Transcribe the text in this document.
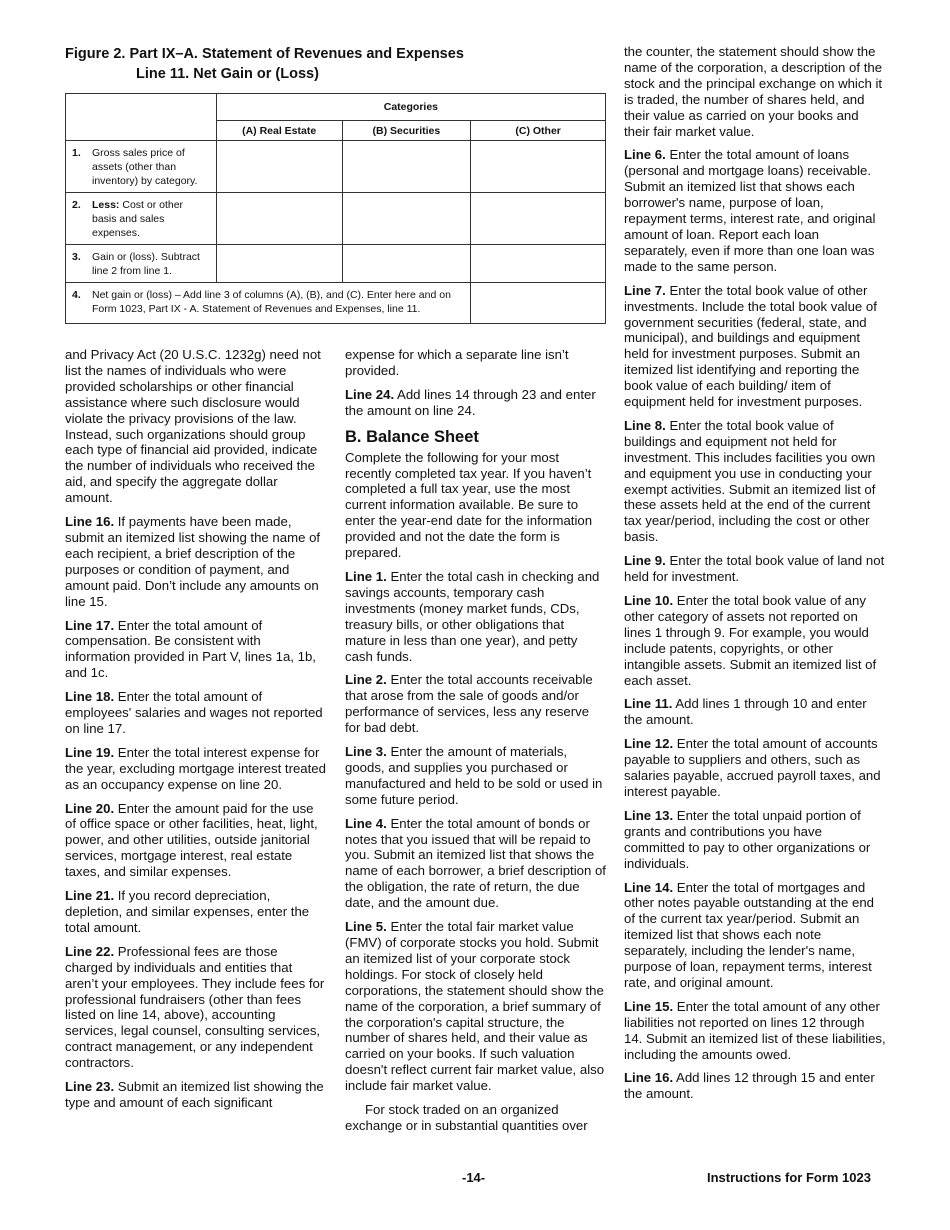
Figure 2. Part IX–A. Statement of Revenues and Expenses
Line 11. Net Gain or (Loss)
	Categories		
	(A) Real Estate	(B) Securities	(C) Other

1. Gross sales price of assets (other than inventory) by category.			

2. Less: Cost or other basis and sales expenses.			

3. Gain or (loss). Subtract line 2 from line 1.			

4. Net gain or (loss) – Add line 3 of columns (A), (B), and (C). Enter here and on Form 1023, Part IX - A. Statement of Revenues and Expenses, line 11.			

and Privacy Act (20 U.S.C. 1232g) need not list the names of individuals who were provided scholarships or other financial assistance where such disclosure would violate the privacy provisions of the law. Instead, such organizations should group each type of financial aid provided, indicate the number of individuals who received the aid, and specify the aggregate dollar amount.

Line 16. If payments have been made, submit an itemized list showing the name of each recipient, a brief description of the purposes or condition of payment, and amount paid. Don’t include any amounts on line 15.

Line 17. Enter the total amount of compensation. Be consistent with information provided in Part V, lines 1a, 1b, and 1c.

Line 18. Enter the total amount of employees' salaries and wages not reported on line 17.

Line 19. Enter the total interest expense for the year, excluding mortgage interest treated as an occupancy expense on line 20.

Line 20. Enter the amount paid for the use of office space or other facilities, heat, light, power, and other utilities, outside janitorial services, mortgage interest, real estate taxes, and similar expenses.

Line 21. If you record depreciation, depletion, and similar expenses, enter the total amount.

Line 22. Professional fees are those charged by individuals and entities that aren’t your employees. They include fees for professional fundraisers (other than fees listed on line 14, above), accounting services, legal counsel, consulting services, contract management, or any independent contractors.

Line 23. Submit an itemized list showing the type and amount of each significant

expense for which a separate line isn’t provided.

Line 24. Add lines 14 through 23 and enter the amount on line 24.

B. Balance Sheet

Complete the following for your most recently completed tax year. If you haven’t completed a full tax year, use the most current information available. Be sure to enter the year-end date for the information provided and not the date the form is prepared.

Line 1. Enter the total cash in checking and savings accounts, temporary cash investments (money market funds, CDs, treasury bills, or other obligations that mature in less than one year), and petty cash funds.

Line 2. Enter the total accounts receivable that arose from the sale of goods and/or performance of services, less any reserve for bad debt.

Line 3. Enter the amount of materials, goods, and supplies you purchased or manufactured and held to be sold or used in some future period.

Line 4. Enter the total amount of bonds or notes that you issued that will be repaid to you. Submit an itemized list that shows the name of each borrower, a brief description of the obligation, the rate of return, the due date, and the amount due.

Line 5. Enter the total fair market value (FMV) of corporate stocks you hold. Submit an itemized list of your corporate stock holdings. For stock of closely held corporations, the statement should show the name of the corporation, a brief summary of the corporation's capital structure, the number of shares held, and their value as carried on your books. If such valuation doesn't reflect current fair market value, also include fair market value.

For stock traded on an organized exchange or in substantial quantities over

the counter, the statement should show the name of the corporation, a description of the stock and the principal exchange on which it is traded, the number of shares held, and their value as carried on your books and their fair market value.

Line 6. Enter the total amount of loans (personal and mortgage loans) receivable. Submit an itemized list that shows each borrower's name, purpose of loan, repayment terms, interest rate, and original amount of loan. Report each loan separately, even if more than one loan was made to the same person.

Line 7. Enter the total book value of other investments. Include the total book value of government securities (federal, state, and municipal), and buildings and equipment held for investment purposes. Submit an itemized list identifying and reporting the book value of each building/ item of equipment held for investment purposes.

Line 8. Enter the total book value of buildings and equipment not held for investment. This includes facilities you own and equipment you use in conducting your exempt activities. Submit an itemized list of these assets held at the end of the current tax year/period, including the cost or other basis.

Line 9. Enter the total book value of land not held for investment.

Line 10. Enter the total book value of any other category of assets not reported on lines 1 through 9. For example, you would include patents, copyrights, or other intangible assets. Submit an itemized list of each asset.

Line 11. Add lines 1 through 10 and enter the amount.

Line 12. Enter the total amount of accounts payable to suppliers and others, such as salaries payable, accrued payroll taxes, and interest payable.

Line 13. Enter the total unpaid portion of grants and contributions you have committed to pay to other organizations or individuals.

Line 14. Enter the total of mortgages and other notes payable outstanding at the end of the current tax year/period. Submit an itemized list that shows each note separately, including the lender's name, purpose of loan, repayment terms, interest rate, and original amount.

Line 15. Enter the total amount of any other liabilities not reported on lines 12 through 14. Submit an itemized list of these liabilities, including the amounts owed.

Line 16. Add lines 12 through 15 and enter the amount.

-14-	Instructions for Form 1023
